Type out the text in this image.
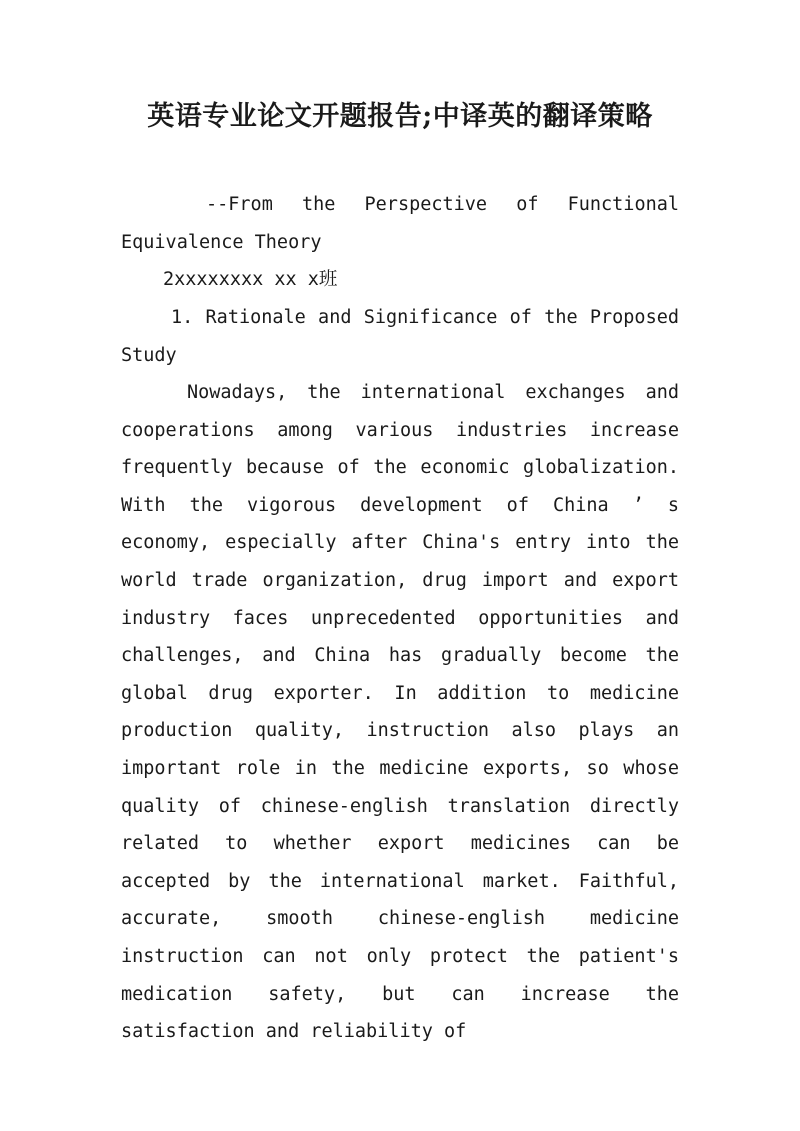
英语专业论文开题报告;中译英的翻译策略
--From the Perspective of Functional Equivalence Theory
2xxxxxxxx xx x班
1. Rationale and Significance of the Proposed Study
Nowadays, the international exchanges and cooperations among various industries increase frequently because of the economic globalization. With the vigorous development of China ’ s economy, especially after China's entry into the world trade organization, drug import and export industry faces unprecedented opportunities and challenges, and China has gradually become the global drug exporter. In addition to medicine production quality, instruction also plays an important role in the medicine exports, so whose quality of chinese-english translation directly related to whether export medicines can be accepted by the international market. Faithful, accurate, smooth chinese-english medicine instruction can not only protect the patient's medication safety, but can increase the satisfaction and reliability of
